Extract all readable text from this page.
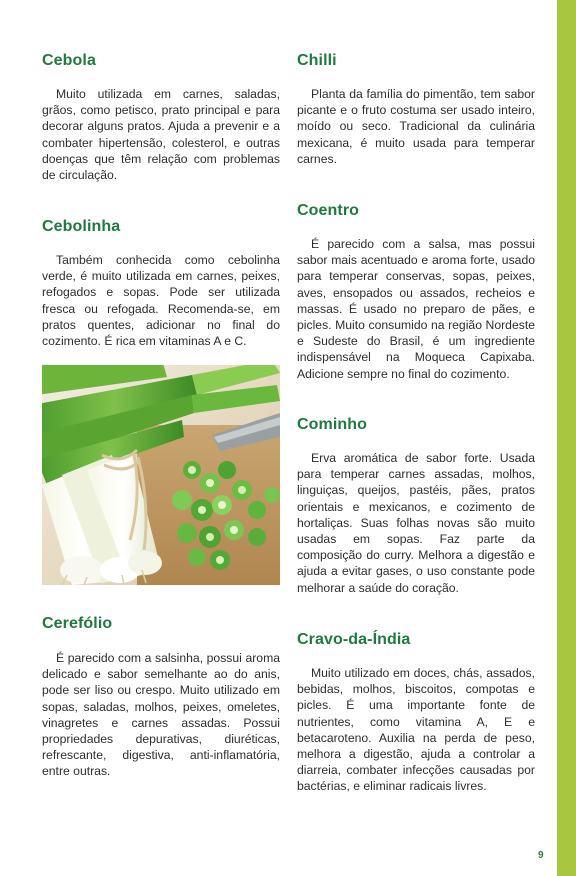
Cebola

Muito utilizada em carnes, saladas, grãos, como petisco, prato principal e para decorar alguns pratos. Ajuda a prevenir e a combater hipertensão, colesterol, e outras doenças que têm relação com problemas de circulação.

Cebolinha

Também conhecida como cebolinha verde, é muito utilizada em carnes, peixes, refogados e sopas. Pode ser utilizada fresca ou refogada. Recomenda-se, em pratos quentes, adicionar no final do cozimento. É rica em vitaminas A e C.

Cerefólio

É parecido com a salsinha, possui aroma delicado e sabor semelhante ao do anis, pode ser liso ou crespo. Muito utilizado em sopas, saladas, molhos, peixes, omeletes, vinagretes e carnes assadas. Possui propriedades depurativas, diuréticas, refrescante, digestiva, anti-inflamatória, entre outras.

Chilli

Planta da família do pimentão, tem sabor picante e o fruto costuma ser usado inteiro, moído ou seco. Tradicional da culinária mexicana, é muito usada para temperar carnes.

Coentro

É parecido com a salsa, mas possui sabor mais acentuado e aroma forte, usado para temperar conservas, sopas, peixes, aves, ensopados ou assados, recheios e massas. É usado no preparo de pães, e picles. Muito consumido na região Nordeste e Sudeste do Brasil, é um ingrediente indispensável na Moqueca Capixaba. Adicione sempre no final do cozimento.

Cominho

Erva aromática de sabor forte. Usada para temperar carnes assadas, molhos, linguiças, queijos, pastéis, pães, pratos orientais e mexicanos, e cozimento de hortaliças. Suas folhas novas são muito usadas em sopas. Faz parte da composição do curry. Melhora a digestão e ajuda a evitar gases, o uso constante pode melhorar a saúde do coração.

Cravo-da-Índia

Muito utilizado em doces, chás, assados, bebidas, molhos, biscoitos, compotas e picles. É uma importante fonte de nutrientes, como vitamina A, E e betacaroteno. Auxilia na perda de peso, melhora a digestão, ajuda a controlar a diarreia, combater infecções causadas por bactérias, e eliminar radicais livres.

9
